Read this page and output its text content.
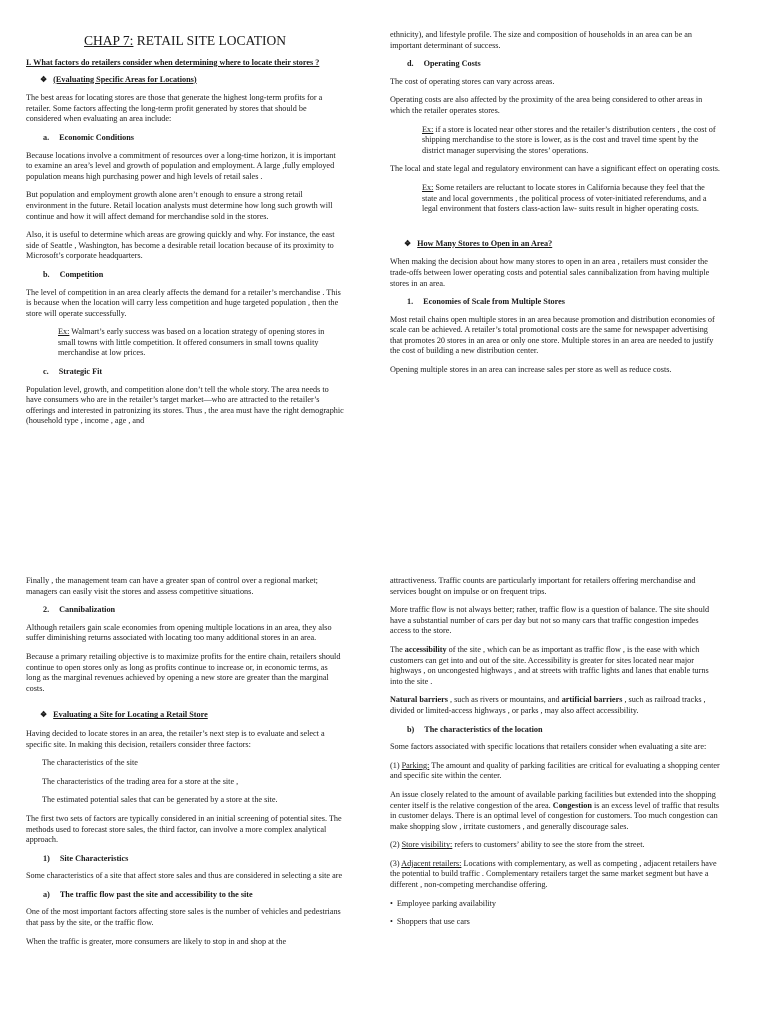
CHAP 7: RETAIL SITE LOCATION

I. What factors do retailers consider when determining where to locate their stores ?

❖ (Evaluating Specific Areas for Locations)

The best areas for locating stores are those that generate the highest long-term profits for a retailer. Some factors affecting the long-term profit generated by stores that should be considered when evaluating an area include:

a. Economic Conditions

Because locations involve a commitment of resources over a long-time horizon, it is important to examine an area’s level and growth of population and employment. A large ,fully employed population means high purchasing power and high levels of retail sales .

But population and employment growth alone aren’t enough to ensure a strong retail environment in the future. Retail location analysts must determine how long such growth will continue and how it will affect demand for merchandise sold in the stores.

Also, it is useful to determine which areas are growing quickly and why. For instance, the east side of Seattle , Washington, has become a desirable retail location because of its proximity to Microsoft’s corporate headquarters.

b. Competition

The level of competition in an area clearly affects the demand for a retailer’s merchandise . This is because when the location will carry less competition and huge targeted population , then the store will operate successfully.

Ex: Walmart’s early success was based on a location strategy of opening stores in small towns with little competition. It offered consumers in small towns quality merchandise at low prices.

c. Strategic Fit

Population level, growth, and competition alone don’t tell the whole story. The area needs to have consumers who are in the retailer’s target market—who are attracted to the retailer’s offerings and interested in patronizing its stores. Thus , the area must have the right demographic (household type , income , age , and

ethnicity), and lifestyle profile. The size and composition of households in an area can be an important determinant of success.

d. Operating Costs

The cost of operating stores can vary across areas.

Operating costs are also affected by the proximity of the area being considered to other areas in which the retailer operates stores.

Ex: if a store is located near other stores and the retailer’s distribution centers , the cost of shipping merchandise to the store is lower, as is the cost and travel time spent by the district manager supervising the stores’ operations.

The local and state legal and regulatory environment can have a significant effect on operating costs.

Ex: Some retailers are reluctant to locate stores in California because they feel that the state and local governments , the political process of voter-initiated referendums, and a legal environment that fosters class-action law- suits result in higher operating costs.

❖ How Many Stores to Open in an Area?

When making the decision about how many stores to open in an area , retailers must consider the trade-offs between lower operating costs and potential sales cannibalization from having multiple stores in an area.

1. Economies of Scale from Multiple Stores

Most retail chains open multiple stores in an area because promotion and distribution economies of scale can be achieved. A retailer’s total promotional costs are the same for newspaper advertising that promotes 20 stores in an area or only one store. Multiple stores in an area are needed to justify the cost of building a new distribution center.

Opening multiple stores in an area can increase sales per store as well as reduce costs.

Finally , the management team can have a greater span of control over a regional market; managers can easily visit the stores and assess competitive situations.

2. Cannibalization

Although retailers gain scale economies from opening multiple locations in an area, they also suffer diminishing returns associated with locating too many additional stores in an area.

Because a primary retailing objective is to maximize profits for the entire chain, retailers should continue to open stores only as long as profits continue to increase or, in economic terms, as long as the marginal revenues achieved by opening a new store are greater than the marginal costs.

❖ Evaluating a Site for Locating a Retail Store

Having decided to locate stores in an area, the retailer’s next step is to evaluate and select a specific site. In making this decision, retailers consider three factors:

The characteristics of the site

The characteristics of the trading area for a store at the site ,

The estimated potential sales that can be generated by a store at the site.

The first two sets of factors are typically considered in an initial screening of potential sites. The methods used to forecast store sales, the third factor, can involve a more complex analytical approach.

1) Site Characteristics

Some characteristics of a site that affect store sales and thus are considered in selecting a site are

a) The traffic flow past the site and accessibility to the site

One of the most important factors affecting store sales is the number of vehicles and pedestrians that pass by the site, or the traffic flow.

When the traffic is greater, more consumers are likely to stop in and shop at the

attractiveness. Traffic counts are particularly important for retailers offering merchandise and services bought on impulse or on frequent trips.

More traffic flow is not always better; rather, traffic flow is a question of balance. The site should have a substantial number of cars per day but not so many cars that traffic congestion impedes access to the store.

The accessibility of the site , which can be as important as traffic flow , is the ease with which customers can get into and out of the site. Accessibility is greater for sites located near major highways , on uncongested highways , and at streets with traffic lights and lanes that enable turns into the site .

Natural barriers , such as rivers or mountains, and artificial barriers , such as railroad tracks , divided or limited-access highways , or parks , may also affect accessibility.

b) The characteristics of the location

Some factors associated with specific locations that retailers consider when evaluating a site are:

(1) Parking: The amount and quality of parking facilities are critical for evaluating a shopping center and specific site within the center.

An issue closely related to the amount of available parking facilities but extended into the shopping center itself is the relative congestion of the area. Congestion is an excess level of traffic that results in customer delays. There is an optimal level of congestion for customers. Too much congestion can make shopping slow , irritate customers , and generally discourage sales.

(2) Store visibility: refers to customers’ ability to see the store from the street.

(3) Adjacent retailers: Locations with complementary, as well as competing , adjacent retailers have the potential to build traffic . Complementary retailers target the same market segment but have a different , non-competing merchandise offering.

• Employee parking availability

• Shoppers that use cars
